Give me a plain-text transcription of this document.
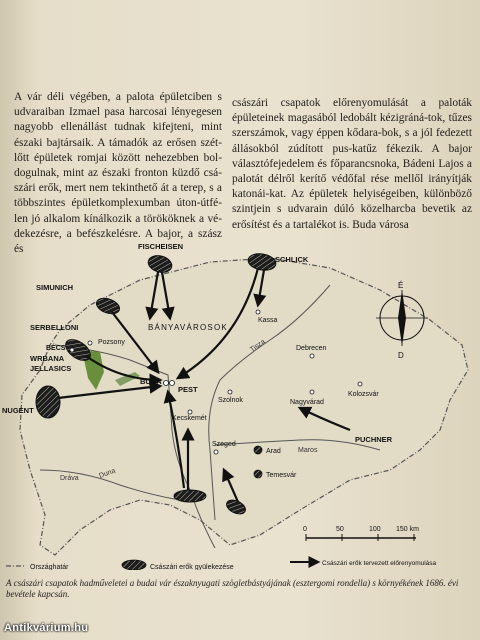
A vár déli végében, a palota épületciben s udvaraiban Izmael pasa harcosai lényegesen nagyobb ellenállást tudnak kifejteni, mint északi bajtársaik. A támadók az erősen szét-lőtt épületek romjai között nehezebben bol-dogulnak, mint az északi fronton küzdő csá-szári erők, mert nem tekinthető át a terep, s a többszintes épületkomplexumban úton-útfé-len jó alkalom kínálkozik a törököknek a vé-dekezésre, a befészkelésre. A bajor, a szász és

császári csapatok előrenyomulását a paloták épületeinek magasából ledobált kézigráná-tok, tűzes szerszámok, vagy éppen kődara-bok, s a jól fedezett állásokból zúdított pus-katűz fékezik. A bajor választófejedelem és főparancsnoka, Bádeni Lajos a palotát délről kerítő védőfal rése mellől irányítják katonái-kat. Az épületek helyiségeiben, különböző szintjein s udvarain dúló közelharcba bevetik az erősítést és a tartalékot is. Buda városa

Duna
Tisza
Maros
Dráva
FISCHEISEN
SCHLICK
SIMUNICH
SERBELLONI
WRBANA
JELLASICS
NUGENT
PUCHNER
BÁNYAVÁROSOK
Kassa
Pozsony
BÉCS
BUDA
PEST
Debrecen
Szolnok
Kecskemét
Nagyvárad
Kolozsvár
Szeged
Arad
Temesvár
É
D
0	50	100 150 km
Országhatár	Császári erők gyülekezése
Császári erők tervezett előrenyomulása
A császári csapatok hadműveletei a budai vár északnyugati szögletbástyájának (esztergomi rondella) s környékének 1686. évi bevétele kapcsán.
Antikvárium.hu
